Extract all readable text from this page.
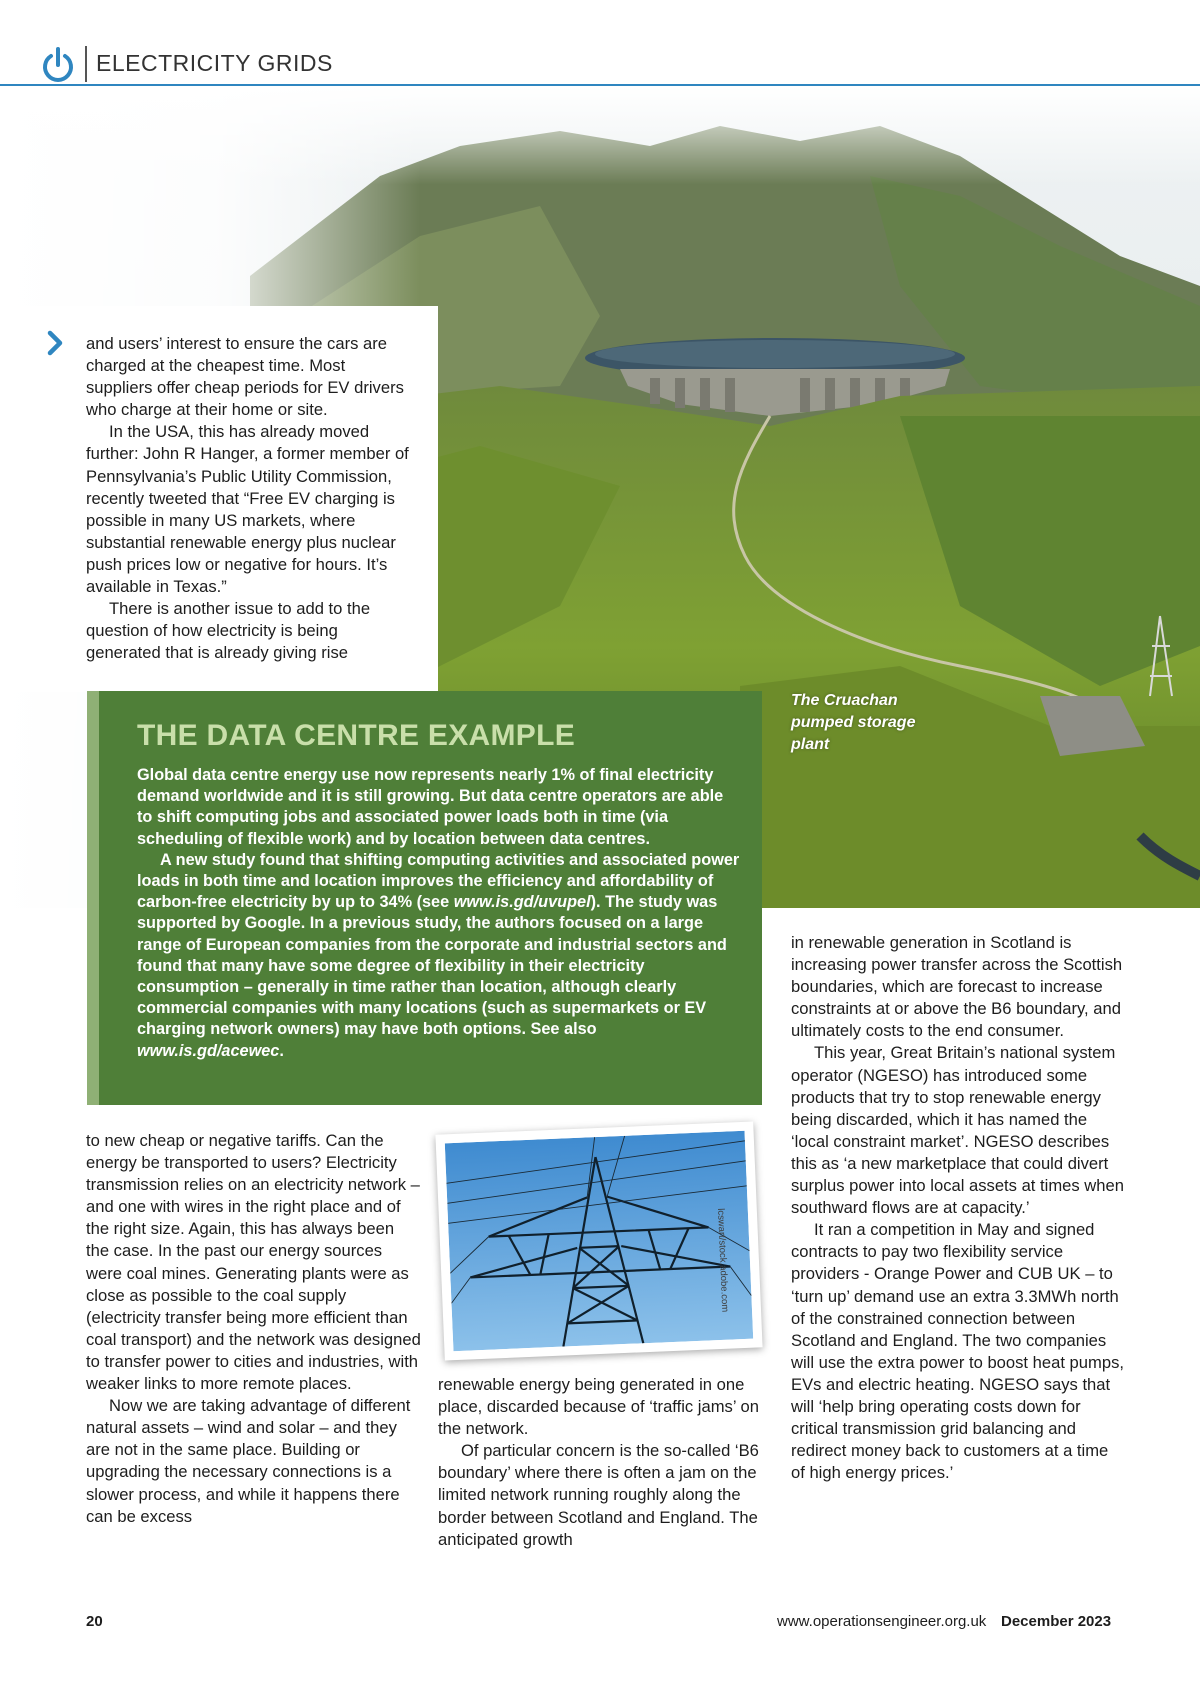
ELECTRICITY GRIDS

and users’ interest to ensure the cars are charged at the cheapest time. Most suppliers offer cheap periods for EV drivers who charge at their home or site.

In the USA, this has already moved further: John R Hanger, a former member of Pennsylvania’s Public Utility Commission, recently tweeted that “Free EV charging is possible in many US markets, where substantial renewable energy plus nuclear push prices low or negative for hours. It’s available in Texas.”

There is another issue to add to the question of how electricity is being generated that is already giving rise

The Cruachan pumped storage plant
THE DATA CENTRE EXAMPLE

Global data centre energy use now represents nearly 1% of final electricity demand worldwide and it is still growing. But data centre operators are able to shift computing jobs and associated power loads both in time (via scheduling of flexible work) and by location between data centres.

A new study found that shifting computing activities and associated power loads in both time and location improves the efficiency and affordability of carbon-free electricity by up to 34% (see www.is.gd/uvupel). The study was supported by Google. In a previous study, the authors focused on a large range of European companies from the corporate and industrial sectors and found that many have some degree of flexibility in their electricity consumption – generally in time rather than location, although clearly commercial companies with many locations (such as supermarkets or EV charging network owners) may have both options. See also www.is.gd/acewec.

to new cheap or negative tariffs. Can the energy be transported to users? Electricity transmission relies on an electricity network – and one with wires in the right place and of the right size. Again, this has always been the case. In the past our energy sources were coal mines. Generating plants were as close as possible to the coal supply (electricity transfer being more efficient than coal transport) and the network was designed to transfer power to cities and industries, with weaker links to more remote places.

Now we are taking advantage of different natural assets – wind and solar – and they are not in the same place. Building or upgrading the necessary connections is a slower process, and while it happens there can be excess

lcswart/stock.adobe.com

renewable energy being generated in one place, discarded because of ‘traffic jams’ on the network.

Of particular concern is the so-called ‘B6 boundary’ where there is often a jam on the limited network running roughly along the border between Scotland and England. The anticipated growth

in renewable generation in Scotland is increasing power transfer across the Scottish boundaries, which are forecast to increase constraints at or above the B6 boundary, and ultimately costs to the end consumer.

This year, Great Britain’s national system operator (NGESO) has introduced some products that try to stop renewable energy being discarded, which it has named the ‘local constraint market’. NGESO describes this as ‘a new marketplace that could divert surplus power into local assets at times when southward flows are at capacity.’

It ran a competition in May and signed contracts to pay two flexibility service providers - Orange Power and CUB UK – to ‘turn up’ demand use an extra 3.3MWh north of the constrained connection between Scotland and England. The two companies will use the extra power to boost heat pumps, EVs and electric heating. NGESO says that will ‘help bring operating costs down for critical transmission grid balancing and redirect money back to customers at a time of high energy prices.’

20	www.operationsengineer.org.uk December 2023
